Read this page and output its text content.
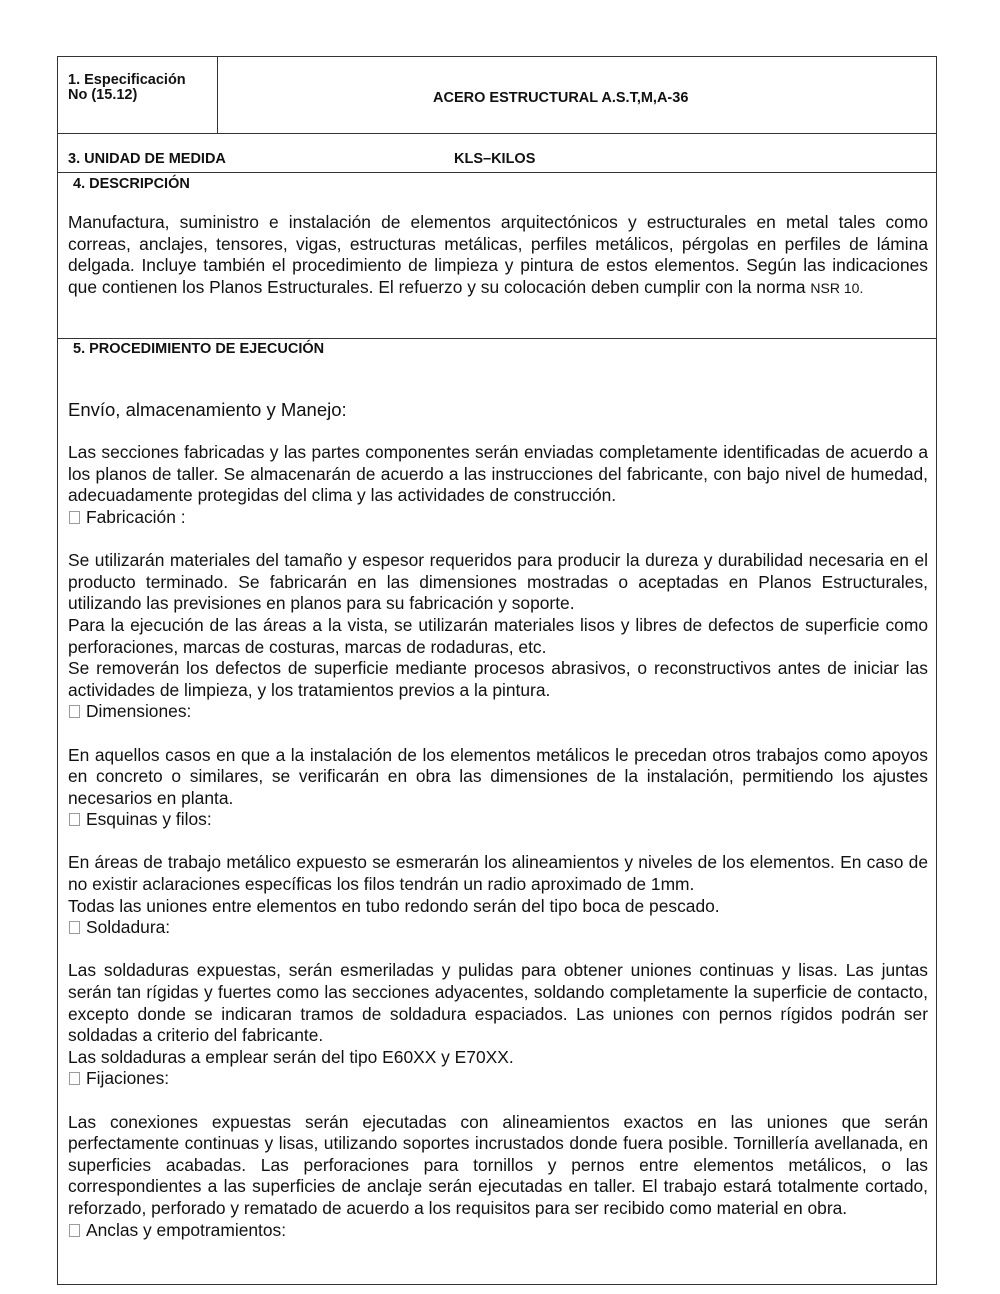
1. Especificación
No (15.12)	ACERO ESTRUCTURAL A.S.T,M,A-36
3. UNIDAD DE MEDIDA	KLS–KILOS
4. DESCRIPCIÓN
Manufactura, suministro e instalación de elementos arquitectónicos y estructurales en metal tales como correas, anclajes, tensores, vigas, estructuras metálicas, perfiles metálicos, pérgolas en perfiles de lámina delgada. Incluye también el procedimiento de limpieza y pintura de estos elementos. Según las indicaciones que contienen los Planos Estructurales. El refuerzo y su colocación deben cumplir con la norma NSR 10.
5. PROCEDIMIENTO DE EJECUCIÓN

Envío, almacenamiento y Manejo:

Las secciones fabricadas y las partes componentes serán enviadas completamente identificadas de acuerdo a los planos de taller. Se almacenarán de acuerdo a las instrucciones del fabricante, con bajo nivel de humedad, adecuadamente protegidas del clima y las actividades de construcción.

Fabricación :

Se utilizarán materiales del tamaño y espesor requeridos para producir la dureza y durabilidad necesaria en el producto terminado. Se fabricarán en las dimensiones mostradas o aceptadas en Planos Estructurales, utilizando las previsiones en planos para su fabricación y soporte.

Para la ejecución de las áreas a la vista, se utilizarán materiales lisos y libres de defectos de superficie como perforaciones, marcas de costuras, marcas de rodaduras, etc.

Se removerán los defectos de superficie mediante procesos abrasivos, o reconstructivos antes de iniciar las actividades de limpieza, y los tratamientos previos a la pintura.

Dimensiones:

En aquellos casos en que a la instalación de los elementos metálicos le precedan otros trabajos como apoyos en concreto o similares, se verificarán en obra las dimensiones de la instalación, permitiendo los ajustes necesarios en planta.

Esquinas y filos:

En áreas de trabajo metálico expuesto se esmerarán los alineamientos y niveles de los elementos. En caso de no existir aclaraciones específicas los filos tendrán un radio aproximado de 1mm.

Todas las uniones entre elementos en tubo redondo serán del tipo boca de pescado.

Soldadura:

Las soldaduras expuestas, serán esmeriladas y pulidas para obtener uniones continuas y lisas. Las juntas serán tan rígidas y fuertes como las secciones adyacentes, soldando completamente la superficie de contacto, excepto donde se indicaran tramos de soldadura espaciados. Las uniones con pernos rígidos podrán ser soldadas a criterio del fabricante.

Las soldaduras a emplear serán del tipo E60XX y E70XX.

Fijaciones:

Las conexiones expuestas serán ejecutadas con alineamientos exactos en las uniones que serán perfectamente continuas y lisas, utilizando soportes incrustados donde fuera posible. Tornillería avellanada, en superficies acabadas. Las perforaciones para tornillos y pernos entre elementos metálicos, o las correspondientes a las superficies de anclaje serán ejecutadas en taller. El trabajo estará totalmente cortado, reforzado, perforado y rematado de acuerdo a los requisitos para ser recibido como material en obra.

Anclas y empotramientos:
